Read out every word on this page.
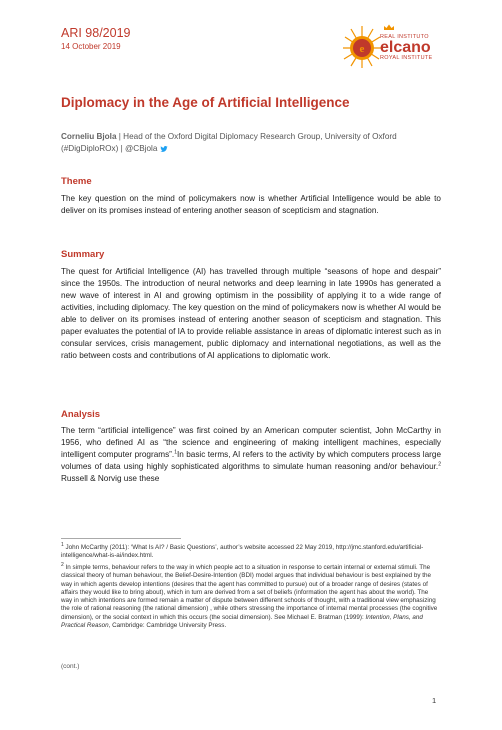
ARI 98/2019
14 October 2019	e
REAL INSTITUTO
elcano
ROYAL INSTITUTE
Diplomacy in the Age of Artificial Intelligence
Corneliu Bjola | Head of the Oxford Digital Diplomacy Research Group, University of Oxford (#DigDiploROx) | @CBjola
Theme

The key question on the mind of policymakers now is whether Artificial Intelligence would be able to deliver on its promises instead of entering another season of scepticism and stagnation.

Summary

The quest for Artificial Intelligence (AI) has travelled through multiple “seasons of hope and despair” since the 1950s. The introduction of neural networks and deep learning in late 1990s has generated a new wave of interest in AI and growing optimism in the possibility of applying it to a wide range of activities, including diplomacy. The key question on the mind of policymakers now is whether AI would be able to deliver on its promises instead of entering another season of scepticism and stagnation. This paper evaluates the potential of IA to provide reliable assistance in areas of diplomatic interest such as in consular services, crisis management, public diplomacy and international negotiations, as well as the ratio between costs and contributions of AI applications to diplomatic work.

Analysis

The term “artificial intelligence” was first coined by an American computer scientist, John McCarthy in 1956, who defined AI as “the science and engineering of making intelligent machines, especially intelligent computer programs”.$^1$In basic terms, AI refers to the activity by which computers process large volumes of data using highly sophisticated algorithms to simulate human reasoning and/or behaviour.$^2$ Russell & Norvig use these

$^1$ John McCarthy (2011): ‘What Is AI? / Basic Questions’, author’s website accessed 22 May 2019, http://jmc.stanford.edu/artificial-intelligence/what-is-ai/index.html.

$^2$ In simple terms, behaviour refers to the way in which people act to a situation in response to certain internal or external stimuli. The classical theory of human behaviour, the Belief-Desire-Intention (BDI) model argues that individual behaviour is best explained by the way in which agents develop intentions (desires that the agent has committed to pursue) out of a broader range of desires (states of affairs they would like to bring about), which in turn are derived from a set of beliefs (information the agent has about the world). The way in which intentions are formed remain a matter of dispute between different schools of thought, with a traditional view emphasizing the role of rational reasoning (the rational dimension) , while others stressing the importance of internal mental processes (the cognitive dimension), or the social context in which this occurs (the social dimension). See Michael E. Bratman (1999): Intention, Plans, and Practical Reason, Cambridge: Cambridge University Press.

(cont.)
1
